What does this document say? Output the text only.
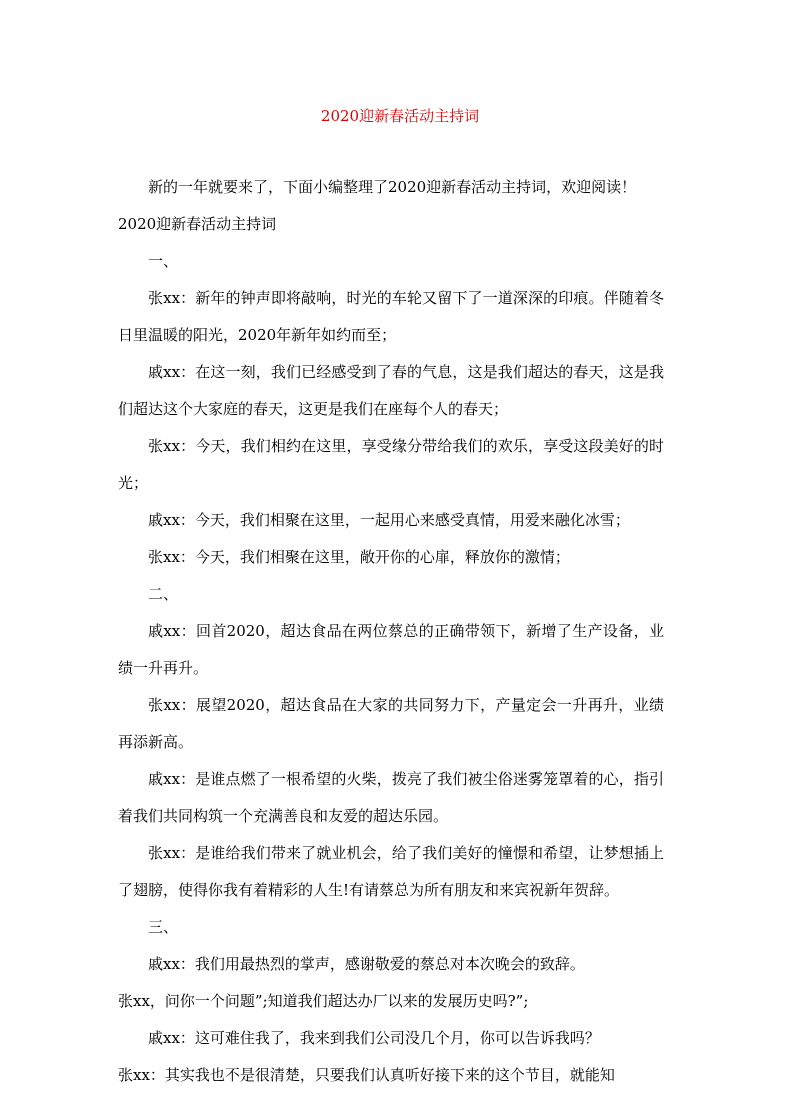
2020迎新春活动主持词

新的一年就要来了，下面小编整理了2020迎新春活动主持词，欢迎阅读！

2020迎新春活动主持词

一、

张xx：新年的钟声即将敲响，时光的车轮又留下了一道深深的印痕。伴随着冬日里温暖的阳光，2020年新年如约而至；

戚xx：在这一刻，我们已经感受到了春的气息，这是我们超达的春天，这是我们超达这个大家庭的春天，这更是我们在座每个人的春天；

张xx：今天，我们相约在这里，享受缘分带给我们的欢乐，享受这段美好的时光；

戚xx：今天，我们相聚在这里，一起用心来感受真情，用爱来融化冰雪；

张xx：今天，我们相聚在这里，敞开你的心扉，释放你的激情；

二、

戚xx：回首2020，超达食品在两位蔡总的正确带领下，新增了生产设备，业绩一升再升。

张xx：展望2020，超达食品在大家的共同努力下，产量定会一升再升，业绩再添新高。

戚xx：是谁点燃了一根希望的火柴，拨亮了我们被尘俗迷雾笼罩着的心，指引着我们共同构筑一个充满善良和友爱的超达乐园。

张xx：是谁给我们带来了就业机会，给了我们美好的憧憬和希望，让梦想插上了翅膀，使得你我有着精彩的人生!有请蔡总为所有朋友和来宾祝新年贺辞。

三、

戚xx：我们用最热烈的掌声，感谢敬爱的蔡总对本次晚会的致辞。

张xx，问你一个问题”;知道我们超达办厂以来的发展历史吗?”;

戚xx：这可难住我了，我来到我们公司没几个月，你可以告诉我吗？

张xx：其实我也不是很清楚，只要我们认真听好接下来的这个节目，就能知
